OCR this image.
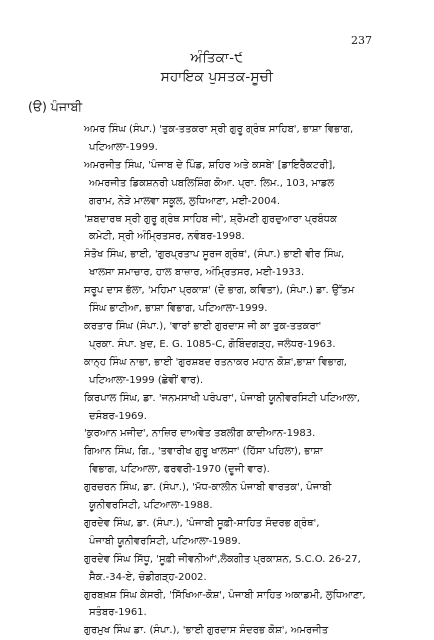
237
ਅੰਤਿਕਾ-੯
ਸਹਾਇਕ ਪੁਸਤਕ-ਸੂਚੀ
(ੳ) ਪੰਜਾਬੀ
ਅਮਰ ਸਿੰਘ (ਸੰਪਾ.) 'ਤੁਕ-ਤਤਕਰਾ ਸ੍ਰੀ ਗੁਰੂ ਗ੍ਰੰਥ ਸਾਹਿਬ', ਭਾਸ਼ਾ ਵਿਭਾਗ,
ਪਟਿਆਲਾ-1999.
ਅਮਰਜੀਤ ਸਿੰਘ, 'ਪੰਜਾਬ ਦੇ ਪਿੰਡ, ਸ਼ਹਿਰ ਅਤੇ ਕਸਬੇ' [ਡਾਇਰੈਕਟਰੀ],
ਅਮਰਜੀਤ ਡਿਕਸ਼ਨਰੀ ਪਬਲਿਸ਼ਿੰਗ ਕੋਆ. ਪ੍ਰਾ. ਲਿਮ., 103, ਮਾਡਲ
ਗਰਾਮ, ਨੇੜੇ ਮਾਲਵਾ ਸਕੂਲ, ਲੁਧਿਆਣਾ, ਮਈ-2004.
'ਸ਼ਬਦਾਰਥ ਸ੍ਰੀ ਗੁਰੂ ਗ੍ਰੰਥ ਸਾਹਿਬ ਜੀ', ਸ਼੍ਰੋਮਣੀ ਗੁਰਦੁਆਰਾ ਪ੍ਰਬੰਧਕ
ਕਮੇਟੀ, ਸ੍ਰੀ ਅੰਮ੍ਰਿਤਸਰ, ਨਵੰਬਰ-1998.
ਸੰਤੋਖ ਸਿੰਘ, ਭਾਈ, 'ਗੁਰਪ੍ਰਤਾਪ ਸੂਰਜ ਗ੍ਰੰਥ', (ਸੰਪਾ.) ਭਾਈ ਵੀਰ ਸਿੰਘ,
ਖਾਲਸਾ ਸਮਾਚਾਰ, ਹਾਲ ਬਾਜ਼ਾਰ, ਅੰਮ੍ਰਿਤਸਰ, ਮਈ-1933.
ਸਰੂਪ ਦਾਸ ਭੱਲਾ, 'ਮਹਿਮਾ ਪ੍ਰਕਾਸ਼' (ਦੋ ਭਾਗ, ਕਵਿਤਾ), (ਸੰਪਾ.) ਡਾ. ਉੱਤਮ
ਸਿੰਘ ਭਾਟੀਆ, ਭਾਸ਼ਾ ਵਿਭਾਗ, ਪਟਿਆਲਾ-1999.
ਕਰਤਾਰ ਸਿੰਘ (ਸੰਪਾ.), 'ਵਾਰਾਂ ਭਾਈ ਗੁਰਦਾਸ ਜੀ ਕਾ ਤੁਕ-ਤਤਕਰਾ'
ਪ੍ਰਕਾ. ਸੰਪਾ. ਖ਼ੁਦ, E. G. 1085-C, ਗੋਬਿੰਦਗੜ੍ਹ, ਜਲੰਧਰ-1963.
ਕਾਨ੍ਹ ਸਿੰਘ ਨਾਭਾ, ਭਾਈ 'ਗੁਰਸ਼ਬਦ ਰਤਨਾਕਰ ਮਹਾਨ ਕੋਸ਼',ਭਾਸ਼ਾ ਵਿਭਾਗ,
ਪਟਿਆਲਾ-1999 (ਛੇਵੀਂ ਵਾਰ).
ਕਿਰਪਾਲ ਸਿੰਘ, ਡਾ. 'ਜਨਮਸਾਖੀ ਪਰੰਪਰਾ', ਪੰਜਾਬੀ ਯੂਨੀਵਰਸਿਟੀ ਪਟਿਆਲਾ,
ਦਸੰਬਰ-1969.
'ਕੁਰਆਨ ਮਜੀਦ', ਨਾਜ਼ਿਰ ਦਾਅਵੇਤ ਤਬਲੀਗ ਕਾਦੀਆਨ-1983.
ਗਿਆਨ ਸਿੰਘ, ਗਿ., 'ਤਵਾਰੀਖ ਗੁਰੂ ਖਾਲਸਾ' (ਹਿੱਸਾ ਪਹਿਲਾ), ਭਾਸ਼ਾ
ਵਿਭਾਗ, ਪਟਿਆਲਾ, ਫਰਵਰੀ-1970 (ਦੂਜੀ ਵਾਰ).
ਗੁਰਚਰਨ ਸਿੰਘ, ਡਾ. (ਸੰਪਾ.), 'ਮੱਧ-ਕਾਲੀਨ ਪੰਜਾਬੀ ਵਾਰਤਕ', ਪੰਜਾਬੀ
ਯੂਨੀਵਰਸਿਟੀ, ਪਟਿਆਲਾ-1988.
ਗੁਰਦੇਵ ਸਿੰਘ, ਡਾ. (ਸੰਪਾ.), 'ਪੰਜਾਬੀ ਸੂਫ਼ੀ-ਸਾਹਿਤ ਸੰਦਰਭ ਗ੍ਰੰਥ',
ਪੰਜਾਬੀ ਯੂਨੀਵਰਸਿਟੀ, ਪਟਿਆਲਾ-1989.
ਗੁਰਦੇਵ ਸਿੰਘ ਸਿੱਧੂ, 'ਸੂਫ਼ੀ ਜੀਵਨੀਆਂ',ਲੋਕਗੀਤ ਪ੍ਰਕਾਸ਼ਨ, S.C.O. 26-27,
ਸੈਕ.-34-ਏ, ਚੰਡੀਗੜ੍ਹ-2002.
ਗੁਰਬਖ਼ਸ਼ ਸਿੰਘ ਕੇਸਰੀ, 'ਸਿੱਖਿਆ-ਕੋਸ਼', ਪੰਜਾਬੀ ਸਾਹਿਤ ਅਕਾਡਮੀ, ਲੁਧਿਆਣਾ,
ਸਤੰਬਰ-1961.
ਗੁਰਮੁਖ ਸਿੰਘ ਡਾ. (ਸੰਪਾ.), 'ਭਾਈ ਗੁਰਦਾਸ ਸੰਦਰਭ ਕੋਸ਼', ਅਮਰਜੀਤ
